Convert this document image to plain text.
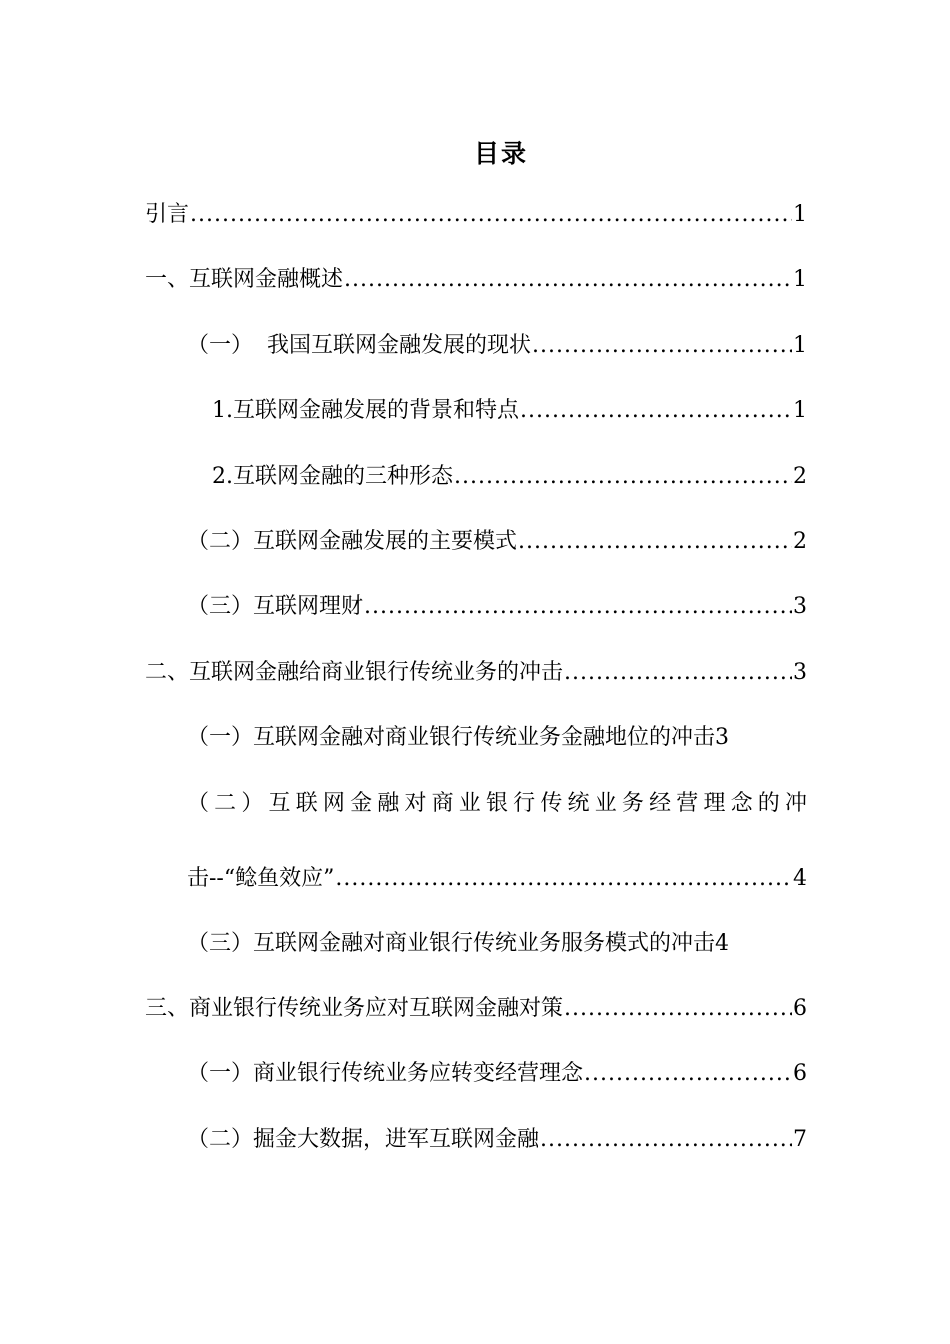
目录
引言 .....	1
一、互联网金融概述 .....	1
（一）  我国互联网金融发展的现状 .....	1
1.互联网金融发展的背景和特点 .....	1
2.互联网金融的三种形态 .....	2
（二）互联网金融发展的主要模式 .....	2
（三）互联网理财 .....	3
二、互联网金融给商业银行传统业务的冲击 .....	3
（一）互联网金融对商业银行传统业务金融地位的冲击 3
（二）互联网金融对商业银行传统业务经营理念的冲
击--“鲶鱼效应” .....	4
（三）互联网金融对商业银行传统业务服务模式的冲击 4
三、商业银行传统业务应对互联网金融对策 .....	6
（一）商业银行传统业务应转变经营理念 .....	6
（二）掘金大数据，进军互联网金融 .....	7
